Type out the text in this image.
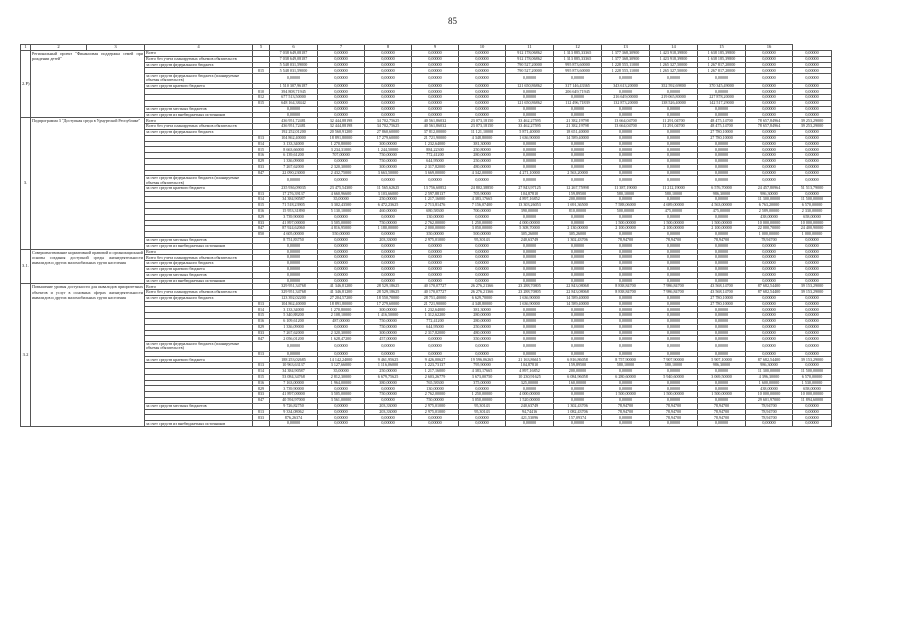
85
1	2	3	4	5	6	7	8	9	10	11	12	13	14	15	16	
2.P)	Региональный проект "Финансовая поддержка семей при рождении детей"		Всего		7 038 649,08187	0,00000	0,00000	0,00000	0,00000	912 178,06862	1 313 885,33365	1 377 368,30900	1 423 918,39800	1 638 185,39800	0,00000	0,00000
			Всего без учета планируемых объемов обязательств		7 038 649,08187	0,00000	0,00000	0,00000	0,00000	912 178,06862	1 313 885,33365	1 377 368,30900	1 423 918,39800	1 638 185,39800	0,00000	0,00000
			за счет средств федерального бюджета		5 548 031,59000	0,00000	0,00000	0,00000	0,00000	790 527,20000	995 873,60000	1 228 555,11000	1 265 327,50000	1 267 817,20000	0,00000	0,00000
				815	5 548 031,59000	0,00000	0,00000	0,00000	0,00000	790 527,20000	995 873,60000	1 228 555,11000	1 265 327,50000	1 267 817,20000	0,00000	0,00000
			за счет средств федерального бюджета (планируемые объемы обязательств)		0,00000	0,00000	0,00000	0,00000	0,00000	0,00000	0,00000	0,00000	0,00000	0,00000	0,00000	0,00000
			за счет средств краевого бюджета		1 510 307,96187	0,00000	0,00000	0,00000	0,00000	121 650,86862	317 146,43365	343 613,20000	352 592,69800	370 345,49000	0,00000	0,00000
				810	394 808,71945	0,00000	0,00000	0,00000	0,00000	0,00000	206 649,71945	0,00000	0,00000	0,00000	0,00000	0,00000
				812	677 513,50000	0,00000	0,00000	0,00000	0,00000	0,00000	0,00000	216 649,00000	219 065,80000	227 878,20000	0,00000	0,00000
				815	648 164,38442	0,00000	0,00000	0,00000	0,00000	121 650,86862	112 496,71839	132 873,20000	138 526,40000	142 517,29000	0,00000	0,00000
			за счет средств местных бюджетов		0,00000	0,00000	0,00000	0,00000	0,00000	0,00000	0,00000	0,00000	0,00000	0,00000	0,00000	0,00000
			за счет средств из внебюджетных источников		0,00000	0,00000	0,00000	0,00000	0,00000	0,00000	0,00000	0,00000	0,00000	0,00000	0,00000	0,00000
3.	Подпрограмма 3 "Доступная среда в Удмуртской Республике"		Всего		436 951,72481	32 444,88198	34 702,75625	40 561,86032	23 073,18150	33 462,27595	21 382,19798	13 664,04700	11 291,04700	48 475,14700	78 657,84964	39 253,29000
			Всего без учета планируемых объемов обязательств		436 951,72481	32 444,88198	34 702,75625	40 561,86032	23 073,18150	33 462,27595	21 382,19798	13 664,04700	11 291,04700	48 475,14700	78 657,84964	39 253,29000
			за счет средств федерального бюджета		192 252,01200	20 560,91200	27 860,60000	37 812,00000	11 121,10000	5 871,40000	18 651,40000	0,00000	0,00000	27 780,10000	0,00000	0,00000
				813	104 862,40000	18 891,80000	17 279,60000	21 721,90000	4 348,80000	1 636,90000	14 589,40000	0,00000	0,00000	27 780,10000	0,00000	0,00000
				814	3 133,34000	1 270,80000	300,00000	1 232,64000	381,30000	0,00000	0,00000	0,00000	0,00000	0,00000	0,00000	0,00000
				815	8 663,66000	3 234,31000	1 244,50000	884,22300	250,80000	0,00000	0,00000	0,00000	0,00000	0,00000	0,00000	0,00000
				816	6 139,61200	707,00000	750,00000	772,41200	280,00000	0,00000	0,00000	0,00000	0,00000	0,00000	0,00000	0,00000
				829	1 336,09000	0,00000	750,00000	644,95000	250,00000	0,00000	0,00000	0,00000	0,00000	0,00000	0,00000	0,00000
				833	7 267,62000	2 320,30000	300,00000	2 317,82000	480,00000	0,00000	0,00000	0,00000	0,00000	0,00000	0,00000	0,00000
				847	22 090,23000	2 432,75000	3 663,50000	3 669,00000	4 342,00000	4 271,10000	2 563,20000	0,00000	0,00000	0,00000	0,00000	0,00000
			за счет средств федерального бюджета (планируемые объемы обязательств)		0,00000	0,00000	0,00000	0,00000	0,00000	0,00000	0,00000	0,00000	0,00000	0,00000	0,00000	0,00000
			за счет средств краевого бюджета		235 936,09035	23 475,54300	11 565,62625	13 756,60852	24 802,38850	27 843,97125	12 267,75998	11 387,19000	11 212,19000	6 576,70000	24 457,80964	51 513,79000
				813	17 276,39137	4 660,96600	3 103,66000	2 597,88137	705,90000	104,87810	159,89500	580,10000	580,10000	986,30000	986,30000	0,00000
				814	34 384,90587	35,00000	250,00000	1 217,16000	4 383,17665	4 897,16852	200,00000	0,00000	0,00000	0,00000	11 300,00000	11 500,00000
				815	71 518,23905	3 302,43500	6 472,23625	2 713,81476	7 156,07400	13 303,26053	1 691,36500	7 588,06000	4 689,00000	4 563,00000	6 763,20000	6 570,00000
				816	15 953,31890	5 130,10000	460,00000	680,58300	700,00000	390,00000	810,00000	500,00000	475,00000	475,00000	2 589,00000	2 330,00000
				829	3 739,90000	0,00000	0,00000	130,00000	0,00000	0,00000	0,00000	0,00000	0,00000	0,00000	438,00000	658,00000
				833	41 897,00000	3 505,00000	750,00000	2 762,00000	1 250,00000	4 000,00000	0,00000	1 500,00000	1 500,00000	1 500,00000	10 000,00000	10 000,00000
				847	87 924,62060	4 816,95000	1 180,00000	2 000,00000	3 050,00000	5 308,70000	2 130,00000	2 100,00000	2 100,00000	2 100,00000	22 000,70000	24 400,90000
				850	4 605,00000	550,00000	0,00000	350,00000	500,00000	305,26000	305,26000	0,00000	0,00000	0,00000	1 000,00000	1 000,00000
			за счет средств местных бюджетов		8 751,83750	0,00000	203,33000	2 975,01000	95,30143	240,63749	1 302,43706	78,94700	78,94700	78,94700	78,94700	0,00000
			за счет средств из внебюджетных источников		0,00000	0,00000	0,00000	0,00000	0,00000	0,00000	0,00000	0,00000	0,00000	0,00000	0,00000	0,00000
3.1.	Совершенствование нормативной правовой и организационной основы создания доступной среды жизнедеятельности инвалидов и других маломобильных групп населения		Всего		0,00000	0,00000	0,00000	0,00000	0,00000	0,00000	0,00000	0,00000	0,00000	0,00000	0,00000	0,00000
			Всего без учета планируемых объемов обязательств		0,00000	0,00000	0,00000	0,00000	0,00000	0,00000	0,00000	0,00000	0,00000	0,00000	0,00000	0,00000
			за счет средств федерального бюджета		0,00000	0,00000	0,00000	0,00000	0,00000	0,00000	0,00000	0,00000	0,00000	0,00000	0,00000	0,00000
			за счет средств краевого бюджета		0,00000	0,00000	0,00000	0,00000	0,00000	0,00000	0,00000	0,00000	0,00000	0,00000	0,00000	0,00000
			за счет средств местных бюджетов		0,00000	0,00000	0,00000	0,00000	0,00000	0,00000	0,00000	0,00000	0,00000	0,00000	0,00000	0,00000
			за счет средств из внебюджетных источников		0,00000	0,00000	0,00000	0,00000	0,00000	0,00000	0,00000	0,00000	0,00000	0,00000	0,00000	0,00000
3.2	Повышение уровня доступности для инвалидов приоритетных объектов и услуг в основных сферах жизнедеятельности инвалидов и других маломобильных групп населения		Всего		329 951,34768	41 346,81200	28 529,18625	40 170,07727	26 276,21366	23 288,70805	22 843,08068	8 838,84700	7 986,84700	43 568,14700	87 682,54400	39 153,29000
			Всего без учета планируемых объемов обязательств		329 951,34768	41 346,81200	28 529,18625	40 170,07727	26 276,21366	23 288,70805	22 843,08068	8 838,84700	7 986,84700	43 568,14700	87 682,54400	39 153,29000
			за счет средств федерального бюджета		123 392,02200	27 204,57200	18 550,70000	28 751,40000	6 629,70000	1 636,90000	14 589,40000	0,00000	0,00000	27 780,10000	0,00000	0,00000
				813	104 862,40000	18 891,80000	17 279,60000	21 721,90000	4 348,80000	1 636,90000	14 589,40000	0,00000	0,00000	27 780,10000	0,00000	0,00000
				814	3 133,34000	1 270,80000	300,00000	1 232,64000	381,30000	0,00000	0,00000	0,00000	0,00000	0,00000	0,00000	0,00000
				815	5 340,88200	2 108,10000	1 416,50000	1 312,62200	280,00000	0,00000	0,00000	0,00000	0,00000	0,00000	0,00000	0,00000
				816	6 109,61200	487,00000	750,00000	772,41200	280,00000	0,00000	0,00000	0,00000	0,00000	0,00000	0,00000	0,00000
				829	1 336,09000	0,00000	750,00000	644,95000	250,00000	0,00000	0,00000	0,00000	0,00000	0,00000	0,00000	0,00000
				833	7 267,62000	2 320,30000	300,00000	2 317,82000	480,00000	0,00000	0,00000	0,00000	0,00000	0,00000	0,00000	0,00000
				847	2 056,01200	1 628,47200	457,00000	0,00000	350,00000	0,00000	0,00000	0,00000	0,00000	0,00000	0,00000	0,00000
			за счет средств федерального бюджета (планируемые объемы обязательств)		0,00000	0,00000	0,00000	0,00000	0,00000	0,00000	0,00000	0,00000	0,00000	0,00000	0,00000	0,00000
				813	0,00000	0,00000	0,00000	0,00000	0,00000	0,00000	0,00000	0,00000	0,00000	0,00000	0,00000	0,00000
			за счет средств краевого бюджета		188 253,02685	14 142,24000	9 461,95625	9 426,00627	19 596,06265	21 163,86615	6 816,86058	8 757,90000	7 907,90000	5 907,10000	87 682,54400	39 153,29000
				813	10 963,63137	3 127,66000	1 116,06000	1 223,73137	795,90000	104,87810	159,89500	580,10000	580,10000	986,30000	986,30000	0,00000
				814	34 384,90587	35,00000	250,00000	1 217,16000	4 383,17665	4 897,16852	200,00000	0,00000	0,00000	0,00000	11 300,00000	11 500,00000
				815	53 084,34768	2 812,30000	6 679,75625	2 603,26779	3 673,00750	10 230,91625	6 084,96058	6 280,60000	5 940,60000	3 069,50000	4 396,30000	6 570,00000
				816	7 163,00000	1 964,00000	380,00000	765,58300	375,00000	325,00000	160,00000	0,00000	0,00000	0,00000	1 600,00000	1 530,00000
				829	3 739,90000	0,00000	0,00000	130,00000	0,00000	0,00000	0,00000	0,00000	0,00000	0,00000	438,00000	658,00000
				833	41 897,00000	3 505,00000	750,00000	2 762,00000	1 250,00000	4 000,00000	0,00000	1 500,00000	1 500,00000	1 500,00000	10 000,00000	10 000,00000
				847	40 594,97000	3 561,00000	0,00000	750,00000	3 050,00000	1 520,00000	0,00000	0,00000	0,00000	0,00000	29 601,97000	11 894,60000
			за счет средств местных бюджетов		9 726,82750	0,00000	203,33000	2 975,01000	95,30143	240,63749	1 302,43706	78,94700	78,94700	78,94700	78,94700	0,00000
				813	9 334,08062	0,00000	203,33000	2 975,01000	95,30143	94,74416	1 082,43706	78,94700	78,94700	78,94700	78,94700	0,00000
				833	876,26374	0,00000	0,00000	0,00000	0,00000	421,53096	157,09374	0,00000	78,94700	78,94700	78,94700	0,00000
			за счет средств из внебюджетных источников		0,00000	0,00000	0,00000	0,00000	0,00000	0,00000	0,00000	0,00000	0,00000	0,00000	0,00000	0,00000
